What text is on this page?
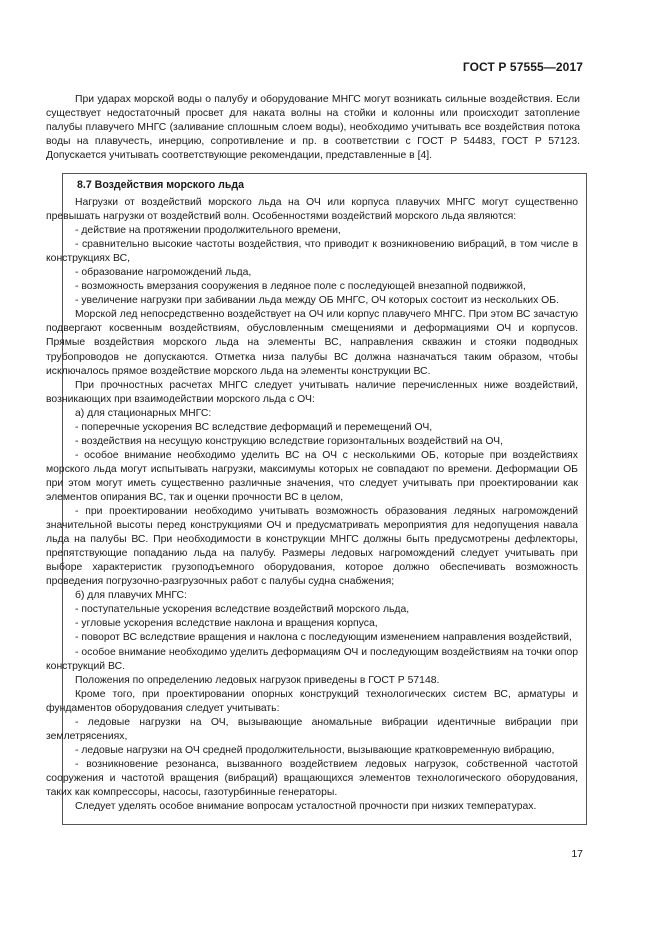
ГОСТ Р 57555—2017

При ударах морской воды о палубу и оборудование МНГС могут возникать сильные воздействия. Если существует недостаточный просвет для наката волны на стойки и колонны или происходит затопление палубы плавучего МНГС (заливание сплошным слоем воды), необходимо учитывать все воздействия потока воды на плавучесть, инерцию, сопротивление и пр. в соответствии с ГОСТ Р 54483, ГОСТ Р 57123. Допускается учитывать соответствующие рекомендации, представленные в [4].

8.7 Воздействия морского льда
Нагрузки от воздействий морского льда на ОЧ или корпуса плавучих МНГС могут существенно превышать нагрузки от воздействий волн. Особенностями воздействий морского льда являются:
- действие на протяжении продолжительного времени,
- сравнительно высокие частоты воздействия, что приводит к возникновению вибраций, в том числе в конструкциях ВС,
- образование нагромождений льда,
- возможность вмерзания сооружения в ледяное поле с последующей внезапной подвижкой,
- увеличение нагрузки при забивании льда между ОБ МНГС, ОЧ которых состоит из нескольких ОБ.
Морской лед непосредственно воздействует на ОЧ или корпус плавучего МНГС. При этом ВС зачастую подвергают косвенным воздействиям, обусловленным смещениями и деформациями ОЧ и корпусов. Прямые воздействия морского льда на элементы ВС, направления скважин и стояки подводных трубопроводов не допускаются. Отметка низа палубы ВС должна назначаться таким образом, чтобы исключалось прямое воздействие морского льда на элементы конструкции ВС.
При прочностных расчетах МНГС следует учитывать наличие перечисленных ниже воздействий, возникающих при взаимодействии морского льда с ОЧ:
а) для стационарных МНГС:
- поперечные ускорения ВС вследствие деформаций и перемещений ОЧ,
- воздействия на несущую конструкцию вследствие горизонтальных воздействий на ОЧ,
- особое внимание необходимо уделить ВС на ОЧ с несколькими ОБ, которые при воздействиях морского льда могут испытывать нагрузки, максимумы которых не совпадают по времени. Деформации ОБ при этом могут иметь существенно различные значения, что следует учитывать при проектировании как элементов опирания ВС, так и оценки прочности ВС в целом,
- при проектировании необходимо учитывать возможность образования ледяных нагромождений значительной высоты перед конструкциями ОЧ и предусматривать мероприятия для недопущения навала льда на палубы ВС. При необходимости в конструкции МНГС должны быть предусмотрены дефлекторы, препятствующие попаданию льда на палубу. Размеры ледовых нагромождений следует учитывать при выборе характеристик грузоподъемного оборудования, которое должно обеспечивать возможность проведения погрузочно-разгрузочных работ с палубы судна снабжения;
б) для плавучих МНГС:
- поступательные ускорения вследствие воздействий морского льда,
- угловые ускорения вследствие наклона и вращения корпуса,
- поворот ВС вследствие вращения и наклона с последующим изменением направления воздействий,
- особое внимание необходимо уделить деформациям ОЧ и последующим воздействиям на точки опор конструкций ВС.
Положения по определению ледовых нагрузок приведены в ГОСТ Р 57148.
Кроме того, при проектировании опорных конструкций технологических систем ВС, арматуры и фундаментов оборудования следует учитывать:
- ледовые нагрузки на ОЧ, вызывающие аномальные вибрации идентичные вибрации при землетрясениях,
- ледовые нагрузки на ОЧ средней продолжительности, вызывающие кратковременную вибрацию,
- возникновение резонанса, вызванного воздействием ледовых нагрузок, собственной частотой сооружения и частотой вращения (вибраций) вращающихся элементов технологического оборудования, таких как компрессоры, насосы, газотурбинные генераторы.
Следует уделять особое внимание вопросам усталостной прочности при низких температурах.
17
